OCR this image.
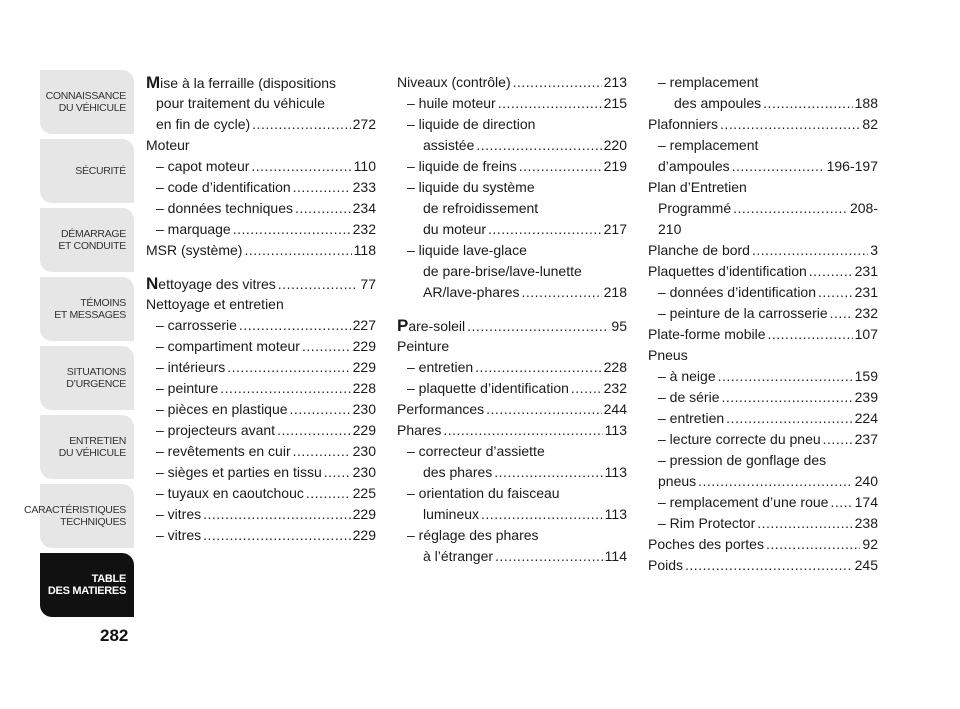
CONNAISSANCE
DU VÉHICULE
SÉCURITÉ
DÉMARRAGE
ET CONDUITE
TÉMOINS
ET MESSAGES
SITUATIONS
D’URGENCE
ENTRETIEN
DU VÉHICULE
CARACTÉRISTIQUES
TECHNIQUES
TABLE
DES MATIERES
282
Mise à la ferraille (dispositions
pour traitement du véhicule
en fin de cycle) .....	272
Moteur
– capot moteur .....	110
– code d’identification .....	233
– données techniques .....	234
– marquage .....	232
MSR (système) .....	118
Nettoyage des vitres .....	77
Nettoyage et entretien
– carrosserie .....	227
– compartiment moteur .....	229
– intérieurs .....	229
– peinture .....	228
– pièces en plastique .....	230
– projecteurs avant .....	229
– revêtements en cuir .....	230
– sièges et parties en tissu ..... 230
– tuyaux en caoutchouc .....	225
– vitres .....	229
– vitres .....	229
Niveaux (contrôle) .....	213
– huile moteur .....	215
– liquide de direction
assistée .....	220
– liquide de freins .....	219
– liquide du système
de refroidissement
du moteur .....	217
– liquide lave-glace
de pare-brise/lave-lunette
AR/lave-phares .....	218
Pare-soleil .....	95
Peinture
– entretien .....	228
– plaquette d’identification ..... 232
Performances .....	244
Phares .....	113
– correcteur d’assiette
des phares .....	113
– orientation du faisceau
lumineux .....	113
– réglage des phares
à l’étranger .....	114
– remplacement
des ampoules .....	188
Plafonniers .....	82
– remplacement
d’ampoules .....	196-197
Plan d’Entretien
Programmé .....	208-
210
Planche de bord .....	3
Plaquettes d’identification .....	231
– données d’identification .....	231
– peinture de la carrosserie ..... 232
Plate-forme mobile .....	107
Pneus
– à neige .....	159
– de série .....	239
– entretien .....	224
– lecture correcte du pneu ..... 237
– pression de gonflage des
pneus .....	240
– remplacement d’une roue ..... 174
– Rim Protector .....	238
Poches des portes .....	92
Poids .....	245
